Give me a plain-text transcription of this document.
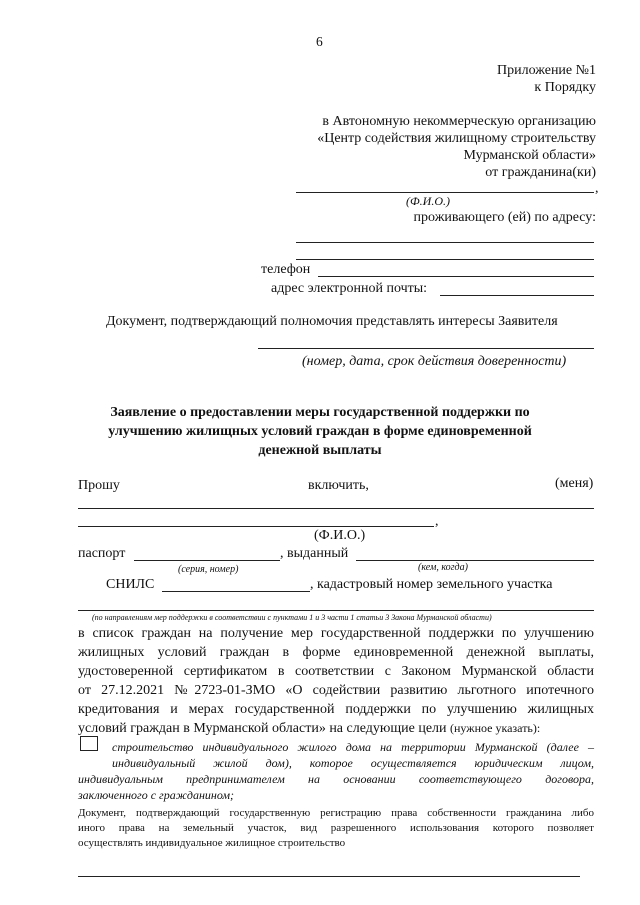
6
Приложение №1
к Порядку
в Автономную некоммерческую организацию
«Центр содействия жилищному строительству
Мурманской области»
от гражданина(ки)
,
(Ф.И.О.)
проживающего (ей) по адресу:
телефон
адрес электронной почты:
Документ, подтверждающий полномочия представлять интересы Заявителя
(номер, дата, срок действия доверенности)
Заявление о предоставлении меры государственной поддержки по
улучшению жилищных условий граждан в форме единовременной
денежной выплаты
Прошу	включить,	(меня)
,
(Ф.И.О.)
паспорт	, выданный
(серия, номер)	(кем, когда)
СНИЛС	, кадастровый номер земельного участка
(по направлениям мер поддержки в соответствии с пунктами 1 и 3 части 1 статьи 3 Закона Мурманской области)
в список граждан на получение мер государственной поддержки по улучшению
жилищных условий граждан в форме единовременной денежной выплаты,
удостоверенной сертификатом в соответствии с Законом Мурманской области
от 27.12.2021 №2723-01-ЗМО «О содействии развитию льготного ипотечного
кредитования и мерах государственной поддержки по улучшению жилищных
условий граждан в Мурманской области» на следующие цели (нужное указать):
строительство индивидуального жилого дома на территории Мурманской (далее –
индивидуальный жилой дом), которое осуществляется юридическим лицом,
индивидуальным предпринимателем на основании соответствующего договора,
заключенного с гражданином;
Документ, подтверждающий государственную регистрацию права собственности гражданина либо
иного права на земельный участок, вид разрешенного использования которого позволяет
осуществлять индивидуальное жилищное строительство
